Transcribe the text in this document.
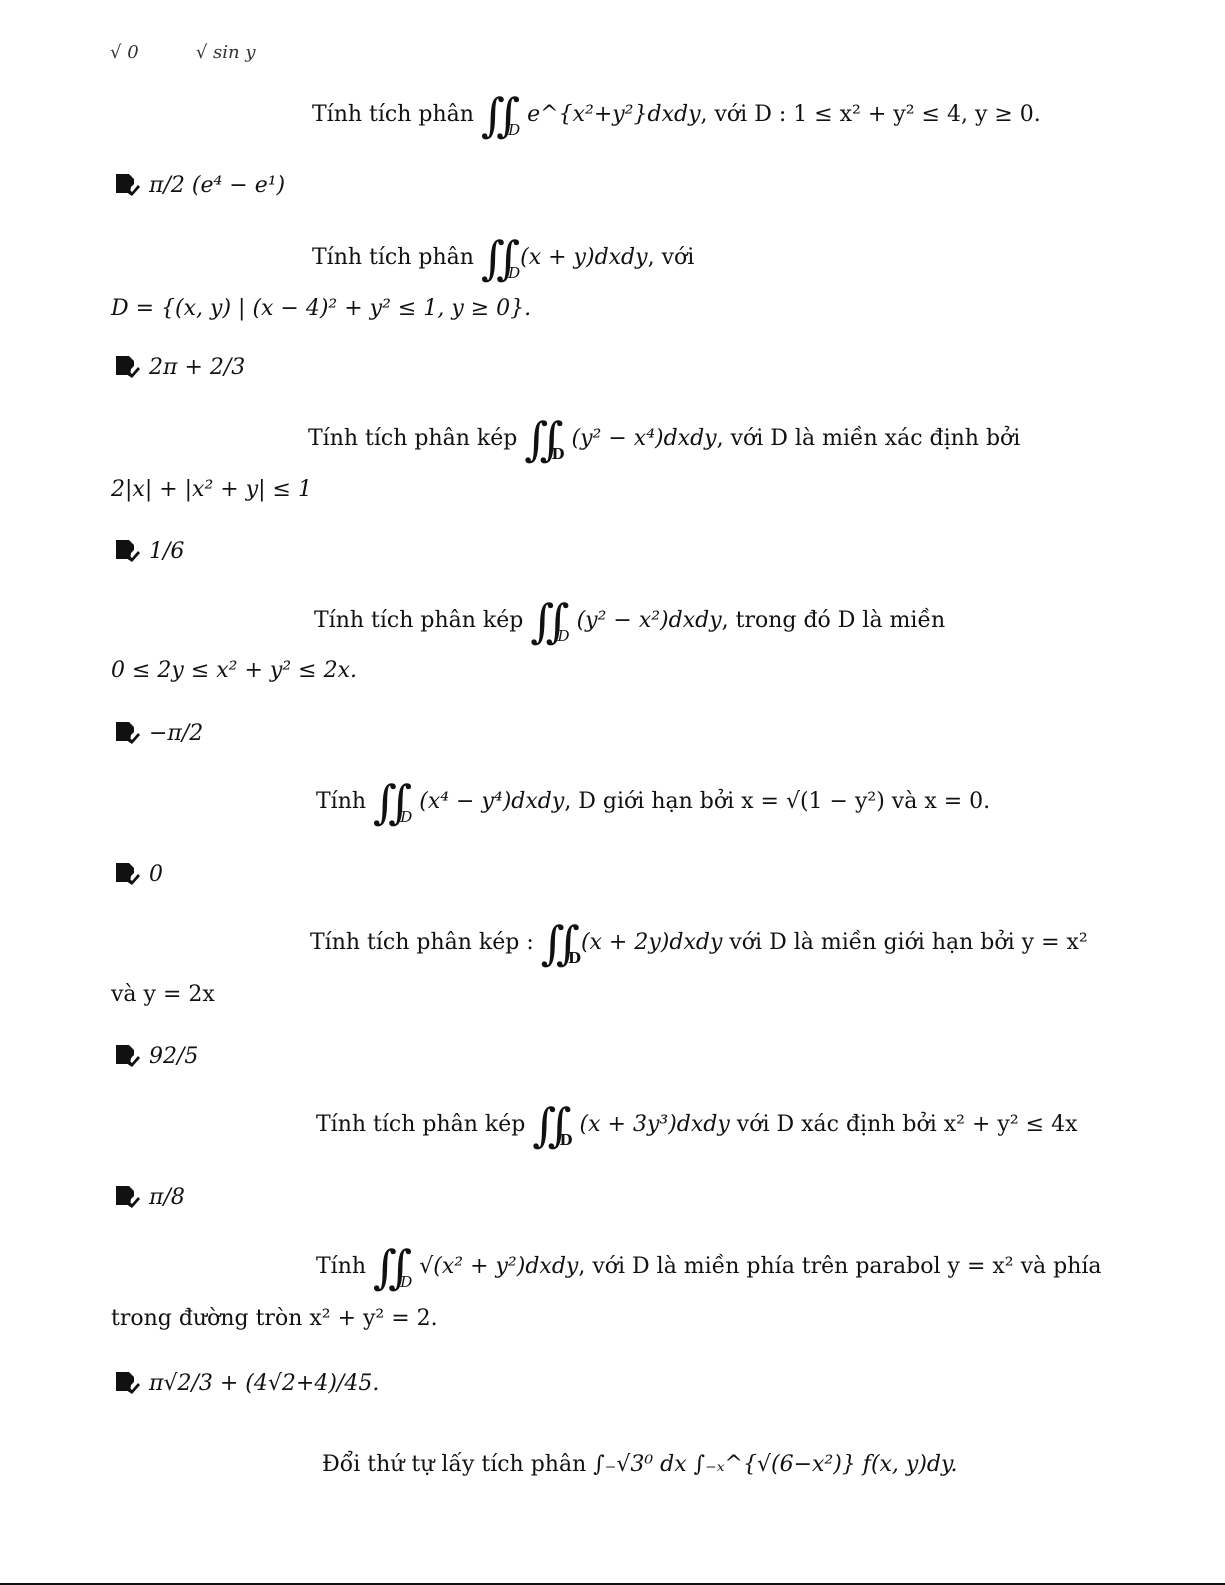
√ 0          √ sin y
Tính tích phân ∬ $_D$ e^{x²+y²}dxdy, với D : 1 ≤ x² + y² ≤ 4, y ≥ 0.
π/2 (e⁴ − e¹)
Tính tích phân ∬ $_D$(x + y)dxdy, với
D = {(x, y) | (x − 4)² + y² ≤ 1, y ≥ 0}.
2π + 2/3
Tính tích phân kép ∬ $_D$ (y² − x⁴)dxdy, với D là miền xác định bởi
2|x| + |x² + y| ≤ 1
1/6
Tính tích phân kép ∬ $_D$ (y² − x²)dxdy, trong đó D là miền
0 ≤ 2y ≤ x² + y² ≤ 2x.
−π/2
Tính ∬ $_D$ (x⁴ − y⁴)dxdy, D giới hạn bởi x = √(1 − y²) và x = 0.
0
Tính tích phân kép : ∬ $_D$(x + 2y)dxdy với D là miền giới hạn bởi y = x²
và y = 2x
92/5
Tính tích phân kép ∬ $_D$ (x + 3y³)dxdy với D xác định bởi x² + y² ≤ 4x
π/8
Tính ∬ $_D$ √(x² + y²)dxdy, với D là miền phía trên parabol y = x² và phía
trong đường tròn x² + y² = 2.
π√2/3 + (4√2+4)/45.
Đổi thứ tự lấy tích phân ∫₋√3⁰ dx ∫₋ₓ^{√(6−x²)} f(x, y)dy.
